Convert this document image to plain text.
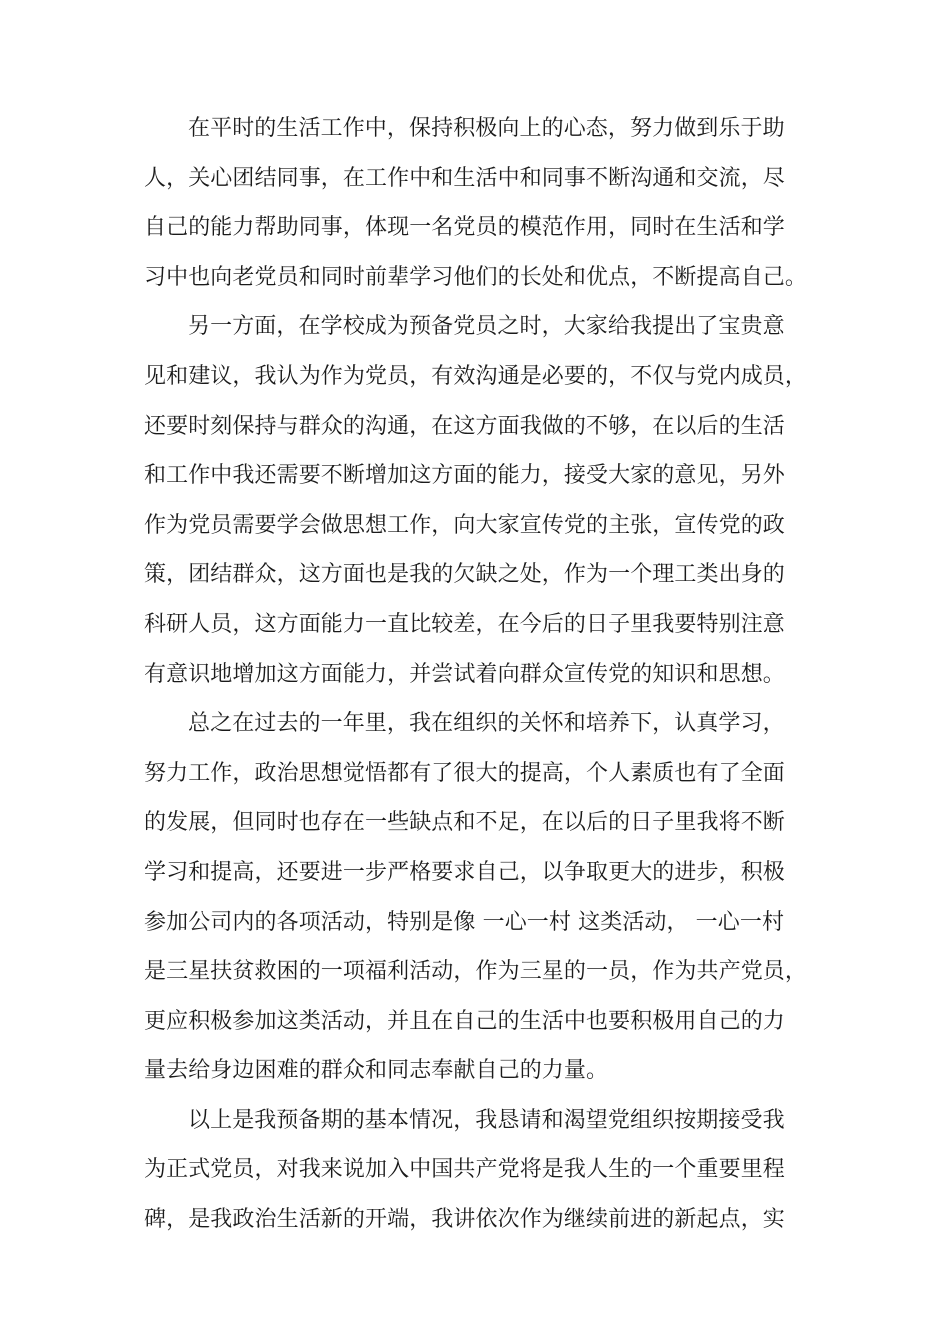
在平时的生活工作中，保持积极向上的心态，努力做到乐于助
人，关心团结同事，在工作中和生活中和同事不断沟通和交流，尽
自己的能力帮助同事，体现一名党员的模范作用，同时在生活和学
习中也向老党员和同时前辈学习他们的长处和优点，不断提高自己。
另一方面，在学校成为预备党员之时，大家给我提出了宝贵意
见和建议，我认为作为党员，有效沟通是必要的，不仅与党内成员，
还要时刻保持与群众的沟通，在这方面我做的不够，在以后的生活
和工作中我还需要不断增加这方面的能力，接受大家的意见，另外
作为党员需要学会做思想工作，向大家宣传党的主张，宣传党的政
策，团结群众，这方面也是我的欠缺之处，作为一个理工类出身的
科研人员，这方面能力一直比较差，在今后的日子里我要特别注意
有意识地增加这方面能力，并尝试着向群众宣传党的知识和思想。
总之在过去的一年里，我在组织的关怀和培养下，认真学习，
努力工作，政治思想觉悟都有了很大的提高，个人素质也有了全面
的发展，但同时也存在一些缺点和不足，在以后的日子里我将不断
学习和提高，还要进一步严格要求自己，以争取更大的进步，积极
参加公司内的各项活动，特别是像 一心一村 这类活动， 一心一村
是三星扶贫救困的一项福利活动，作为三星的一员，作为共产党员，
更应积极参加这类活动，并且在自己的生活中也要积极用自己的力
量去给身边困难的群众和同志奉献自己的力量。
以上是我预备期的基本情况，我恳请和渴望党组织按期接受我
为正式党员，对我来说加入中国共产党将是我人生的一个重要里程
碑，是我政治生活新的开端，我讲依次作为继续前进的新起点，实
